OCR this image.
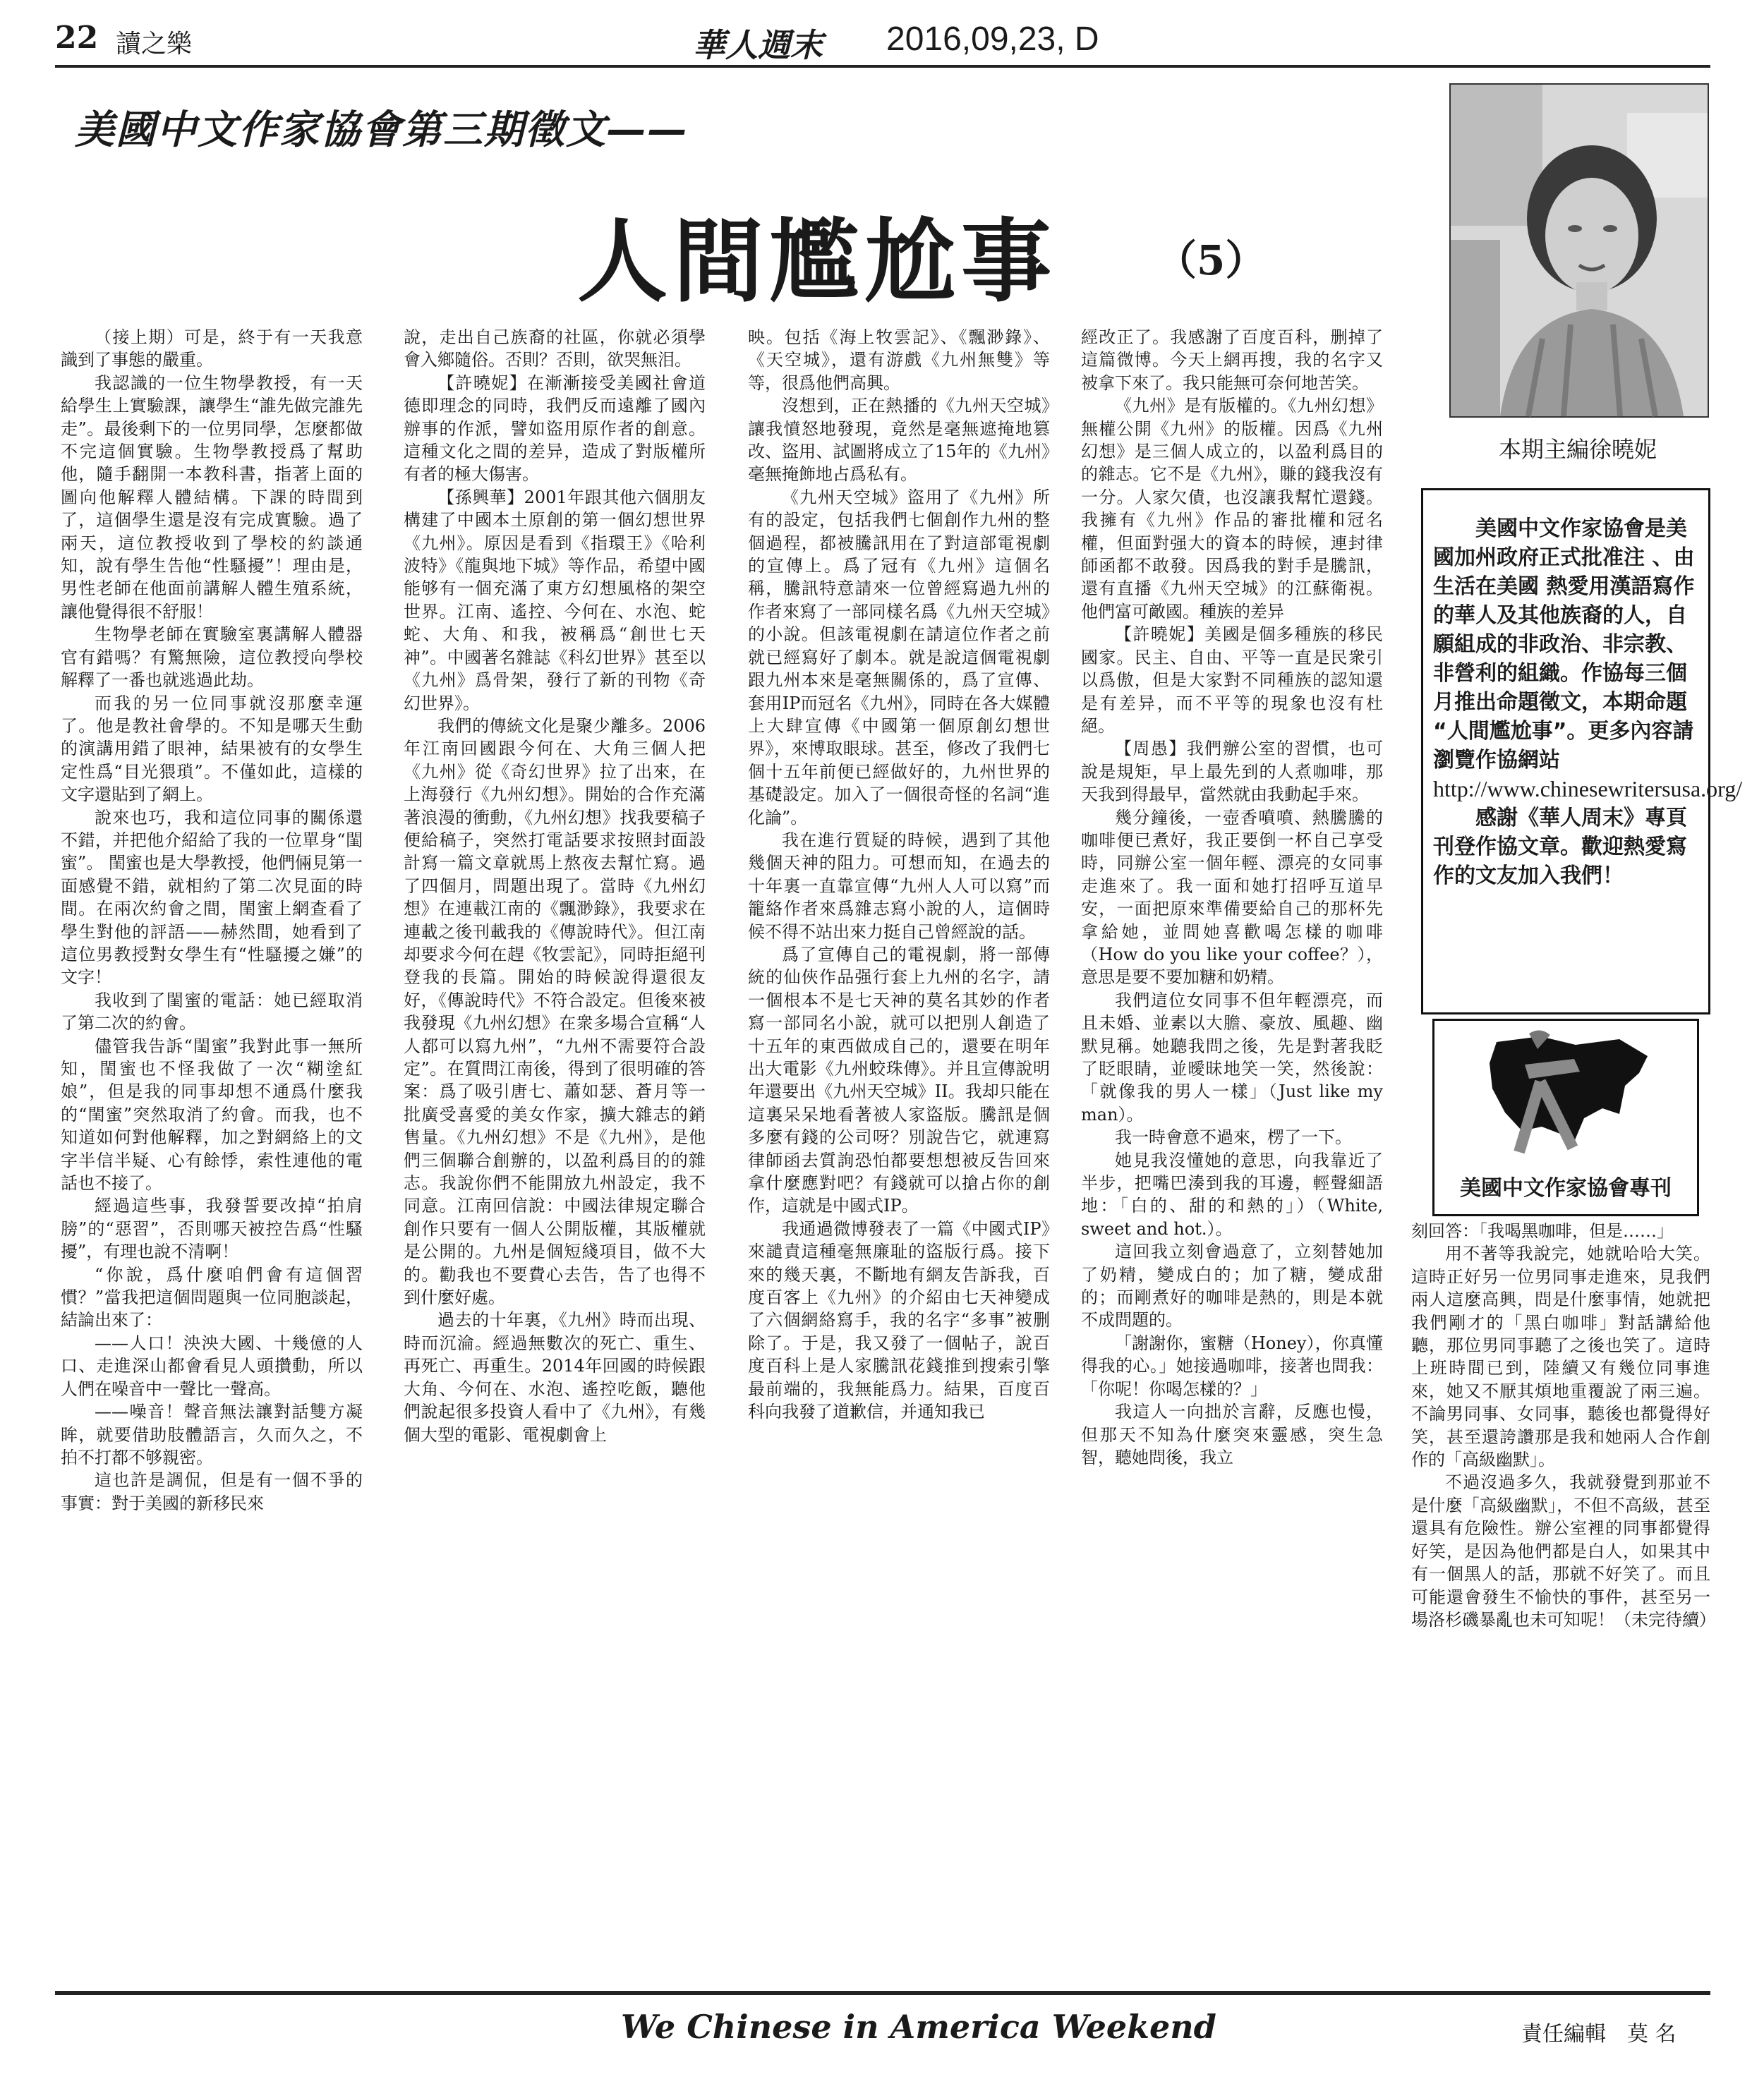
22 讀之樂	華人週末 2016,09,23, D
美國中文作家協會第三期徵文——
人間尷尬事 （5）

（接上期）可是，終于有一天我意識到了事態的嚴重。

我認識的一位生物學教授，有一天給學生上實驗課，讓學生“誰先做完誰先走”。最後剩下的一位男同學，怎麼都做不完這個實驗。生物學教授爲了幫助他，隨手翻開一本教科書，指著上面的圖向他解釋人體結構。下課的時間到了，這個學生還是沒有完成實驗。過了兩天，這位教授收到了學校的約談通知，說有學生告他“性騷擾”！理由是，男性老師在他面前講解人體生殖系統，讓他覺得很不舒服！

生物學老師在實驗室裏講解人體器官有錯嗎？有驚無險，這位教授向學校解釋了一番也就逃過此劫。

而我的另一位同事就沒那麼幸運了。他是教社會學的。不知是哪天生動的演講用錯了眼神，結果被有的女學生定性爲“目光猥瑣”。不僅如此，這樣的文字還貼到了網上。

說來也巧，我和這位同事的關係還不錯，并把他介紹給了我的一位單身“閨蜜”。 閨蜜也是大學教授，他們倆見第一面感覺不錯，就相約了第二次見面的時間。在兩次約會之間，閨蜜上網查看了學生對他的評語——赫然間，她看到了這位男教授對女學生有“性騷擾之嫌”的文字！

我收到了閨蜜的電話：她已經取消了第二次的約會。

儘管我告訴“閨蜜”我對此事一無所知，閨蜜也不怪我做了一次“糊塗紅娘”，但是我的同事却想不通爲什麼我的“閨蜜”突然取消了約會。而我，也不知道如何對他解釋，加之對網絡上的文字半信半疑、心有餘悸，索性連他的電話也不接了。

經過這些事，我發誓要改掉“拍肩膀”的“惡習”，否則哪天被控告爲“性騷擾”，有理也說不清啊！

“你說，爲什麼咱們會有這個習慣？”當我把這個問題與一位同胞談起，結論出來了：

——人口！泱泱大國、十幾億的人口、走進深山都會看見人頭攢動，所以人們在噪音中一聲比一聲高。

——噪音！聲音無法讓對話雙方凝眸，就要借助肢體語言，久而久之，不拍不打都不够親密。

這也許是調侃，但是有一個不爭的事實：對于美國的新移民來

說，走出自己族裔的社區，你就必須學會入鄉隨俗。否則？否則，欲哭無泪。

【許曉妮】在漸漸接受美國社會道德即理念的同時，我們反而遠離了國內辦事的作派，譬如盜用原作者的創意。這種文化之間的差异，造成了對版權所有者的極大傷害。

【孫興華】2001年跟其他六個朋友構建了中國本土原創的第一個幻想世界《九州》。原因是看到《指環王》《哈利波特》《龍與地下城》等作品，希望中國能够有一個充滿了東方幻想風格的架空世界。江南、遙控、今何在、水泡、蛇蛇、大角、和我，被稱爲“創世七天神”。中國著名雜誌《科幻世界》甚至以《九州》爲骨架，發行了新的刊物《奇幻世界》。

我們的傳統文化是聚少離多。2006年江南回國跟今何在、大角三個人把《九州》從《奇幻世界》拉了出來，在上海發行《九州幻想》。開始的合作充滿著浪漫的衝動，《九州幻想》找我要稿子便給稿子，突然打電話要求按照封面設計寫一篇文章就馬上熬夜去幫忙寫。過了四個月，問題出現了。當時《九州幻想》在連載江南的《飄渺錄》，我要求在連載之後刊載我的《傳說時代》。但江南却要求今何在趕《牧雲記》，同時拒絕刊登我的長篇。開始的時候說得還很友好，《傳說時代》不符合設定。但後來被我發現《九州幻想》在衆多場合宣稱“人人都可以寫九州”，“九州不需要符合設定”。在質問江南後，得到了很明確的答案：爲了吸引唐七、蕭如瑟、蒼月等一批廣受喜愛的美女作家，擴大雜志的銷售量。《九州幻想》不是《九州》，是他們三個聯合創辦的，以盈利爲目的的雜志。我說你們不能開放九州設定，我不同意。江南回信說：中國法律規定聯合創作只要有一個人公開版權，其版權就是公開的。九州是個短綫項目，做不大的。勸我也不要費心去告，告了也得不到什麼好處。

過去的十年裏，《九州》時而出現、時而沉淪。經過無數次的死亡、重生、再死亡、再重生。2014年回國的時候跟大角、今何在、水泡、遙控吃飯，聽他們說起很多投資人看中了《九州》，有幾個大型的電影、電視劇會上

映。包括《海上牧雲記》、《飄渺錄》、《天空城》，還有游戲《九州無雙》等等，很爲他們高興。

沒想到，正在熱播的《九州天空城》讓我憤怒地發現，竟然是毫無遮掩地篡改、盜用、試圖將成立了15年的《九州》毫無掩飾地占爲私有。

《九州天空城》盜用了《九州》所有的設定，包括我們七個創作九州的整個過程，都被騰訊用在了對這部電視劇的宣傳上。爲了冠有《九州》這個名稱，騰訊特意請來一位曾經寫過九州的作者來寫了一部同樣名爲《九州天空城》的小說。但該電視劇在請這位作者之前就已經寫好了劇本。就是說這個電視劇跟九州本來是毫無關係的，爲了宣傳、套用IP而冠名《九州》，同時在各大媒體上大肆宣傳《中國第一個原創幻想世界》，來博取眼球。甚至，修改了我們七個十五年前便已經做好的，九州世界的基礎設定。加入了一個很奇怪的名詞“進化論”。

我在進行質疑的時候，遇到了其他幾個天神的阻力。可想而知，在過去的十年裏一直靠宣傳“九州人人可以寫”而籠絡作者來爲雜志寫小說的人，這個時候不得不站出來力挺自己曾經說的話。

爲了宣傳自己的電視劇，將一部傳統的仙俠作品强行套上九州的名字，請一個根本不是七天神的莫名其妙的作者寫一部同名小說，就可以把別人創造了十五年的東西做成自己的，還要在明年出大電影《九州蛟珠傳》。并且宣傳說明年還要出《九州天空城》II。我却只能在這裏呆呆地看著被人家盜版。騰訊是個多麼有錢的公司呀？別說告它，就連寫律師函去質詢恐怕都要想想被反告回來拿什麼應對吧？有錢就可以搶占你的創作，這就是中國式IP。

我通過微博發表了一篇《中國式IP》來譴責這種毫無廉耻的盜版行爲。接下來的幾天裏，不斷地有網友告訴我，百度百客上《九州》的介紹由七天神變成了六個網絡寫手，我的名字“多事”被删除了。于是，我又發了一個帖子，說百度百科上是人家騰訊花錢推到搜索引擎最前端的，我無能爲力。結果，百度百科向我發了道歉信，并通知我已

經改正了。我感謝了百度百科，删掉了這篇微博。今天上網再搜，我的名字又被拿下來了。我只能無可奈何地苦笑。

《九州》是有版權的。《九州幻想》無權公開《九州》的版權。因爲《九州幻想》是三個人成立的，以盈利爲目的的雜志。它不是《九州》，賺的錢我沒有一分。人家欠債，也沒讓我幫忙還錢。我擁有《九州》作品的審批權和冠名權，但面對强大的資本的時候，連封律師函都不敢發。因爲我的對手是騰訊，還有直播《九州天空城》的江蘇衛視。他們富可敵國。種族的差异

【許曉妮】美國是個多種族的移民國家。民主、自由、平等一直是民衆引以爲傲，但是大家對不同種族的認知還是有差异，而不平等的現象也沒有杜絕。

【周愚】我們辦公室的習慣，也可說是規矩，早上最先到的人煮咖啡，那天我到得最早，當然就由我動起手來。

幾分鐘後，一壺香噴噴、熱騰騰的咖啡便已煮好，我正要倒一杯自己享受時，同辦公室一個年輕、漂亮的女同事走進來了。我一面和她打招呼互道早安，一面把原來準備要給自己的那杯先拿給她，並問她喜歡喝怎樣的咖啡（How do you like your coffee？），意思是要不要加糖和奶精。

我們這位女同事不但年輕漂亮，而且未婚、並素以大膽、豪放、風趣、幽默見稱。她聽我問之後，先是對著我眨了眨眼睛，並曖昧地笑一笑，然後說：「就像我的男人一樣」（Just like my man）。

我一時會意不過來，楞了一下。

她見我沒懂她的意思，向我靠近了半步，把嘴巴湊到我的耳邊，輕聲細語地：「白的、甜的和熱的」）（White, sweet and hot.）。

這回我立刻會過意了，立刻替她加了奶精，變成白的；加了糖，變成甜的；而剛煮好的咖啡是熱的，則是本就不成問題的。

「謝謝你，蜜糖（Honey），你真懂得我的心。」她接過咖啡，接著也問我：「你呢！你喝怎樣的？」

我這人一向拙於言辭，反應也慢，但那天不知為什麼突來靈感，突生急智，聽她問後，我立

刻回答：「我喝黑咖啡，但是……」

用不著等我說完，她就哈哈大笑。這時正好另一位男同事走進來，見我們兩人這麼高興，問是什麼事情，她就把我們剛才的「黑白咖啡」對話講給他聽，那位男同事聽了之後也笑了。這時上班時間已到，陸續又有幾位同事進來，她又不厭其煩地重覆說了兩三遍。不論男同事、女同事，聽後也都覺得好笑，甚至還誇讚那是我和她兩人合作創作的「高級幽默」。

不過沒過多久，我就發覺到那並不是什麼「高級幽默」，不但不高級，甚至還具有危險性。辦公室裡的同事都覺得好笑，是因為他們都是白人，如果其中有一個黑人的話，那就不好笑了。而且可能還會發生不愉快的事件，甚至另一場洛杉磯暴亂也未可知呢！（未完待續）

本期主編徐曉妮
美國中文作家協會是美國加州政府正式批准注 、由生活在美國 熱愛用漢語寫作的華人及其他族裔的人，自願組成的非政治、非宗教、非營利的組織。作協每三個月推出命題徵文，本期命題 “人間尷尬事”。更多內容請瀏覽作協網站
http://www.chinesewritersusa.org/
感謝《華人周末》專頁刊登作協文章。歡迎熱愛寫作的文友加入我們！
美國中文作家協會專刊
We Chinese in America Weekend	責任編輯　莫 名
